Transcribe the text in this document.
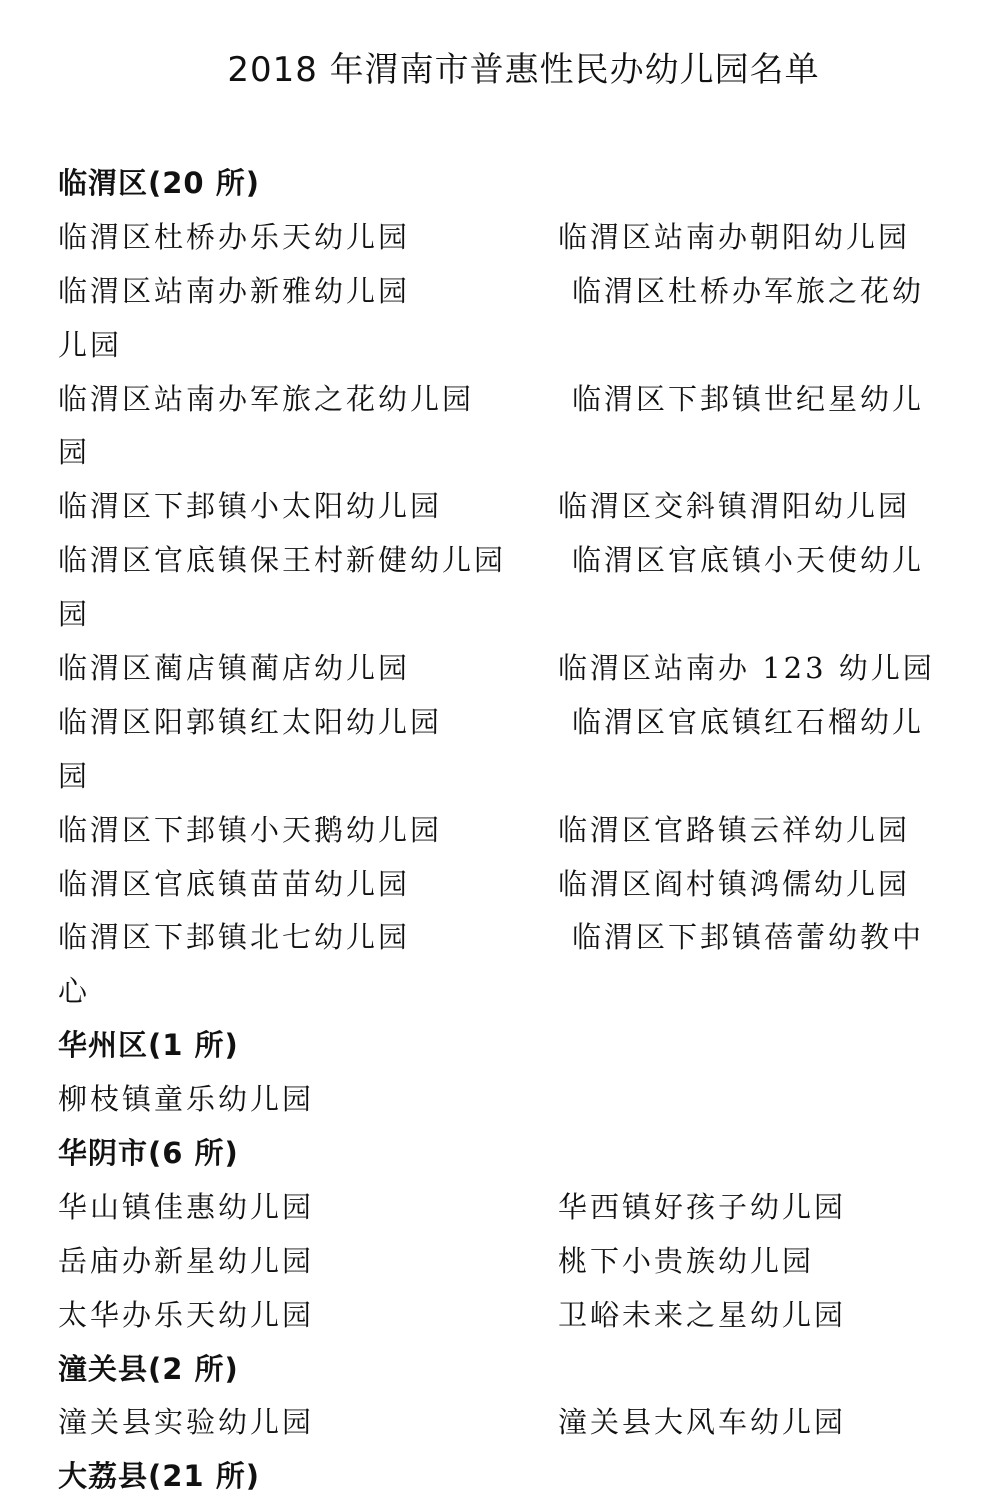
2018 年渭南市普惠性民办幼儿园名单
临渭区(20 所)
临渭区杜桥办乐天幼儿园	临渭区站南办朝阳幼儿园
临渭区站南办新雅幼儿园	临渭区杜桥办军旅之花幼
儿园
临渭区站南办军旅之花幼儿园	临渭区下邽镇世纪星幼儿
园
临渭区下邽镇小太阳幼儿园	临渭区交斜镇渭阳幼儿园
临渭区官底镇保王村新健幼儿园 临渭区官底镇小天使幼儿
园
临渭区蔺店镇蔺店幼儿园	临渭区站南办 123 幼儿园
临渭区阳郭镇红太阳幼儿园	临渭区官底镇红石榴幼儿
园
临渭区下邽镇小天鹅幼儿园	临渭区官路镇云祥幼儿园
临渭区官底镇苗苗幼儿园	临渭区阎村镇鸿儒幼儿园
临渭区下邽镇北七幼儿园	临渭区下邽镇蓓蕾幼教中
心
华州区(1 所)
柳枝镇童乐幼儿园
华阴市(6 所)
华山镇佳惠幼儿园	华西镇好孩子幼儿园
岳庙办新星幼儿园	桃下小贵族幼儿园
太华办乐天幼儿园	卫峪未来之星幼儿园
潼关县(2 所)
潼关县实验幼儿园	潼关县大风车幼儿园
大荔县(21 所)
